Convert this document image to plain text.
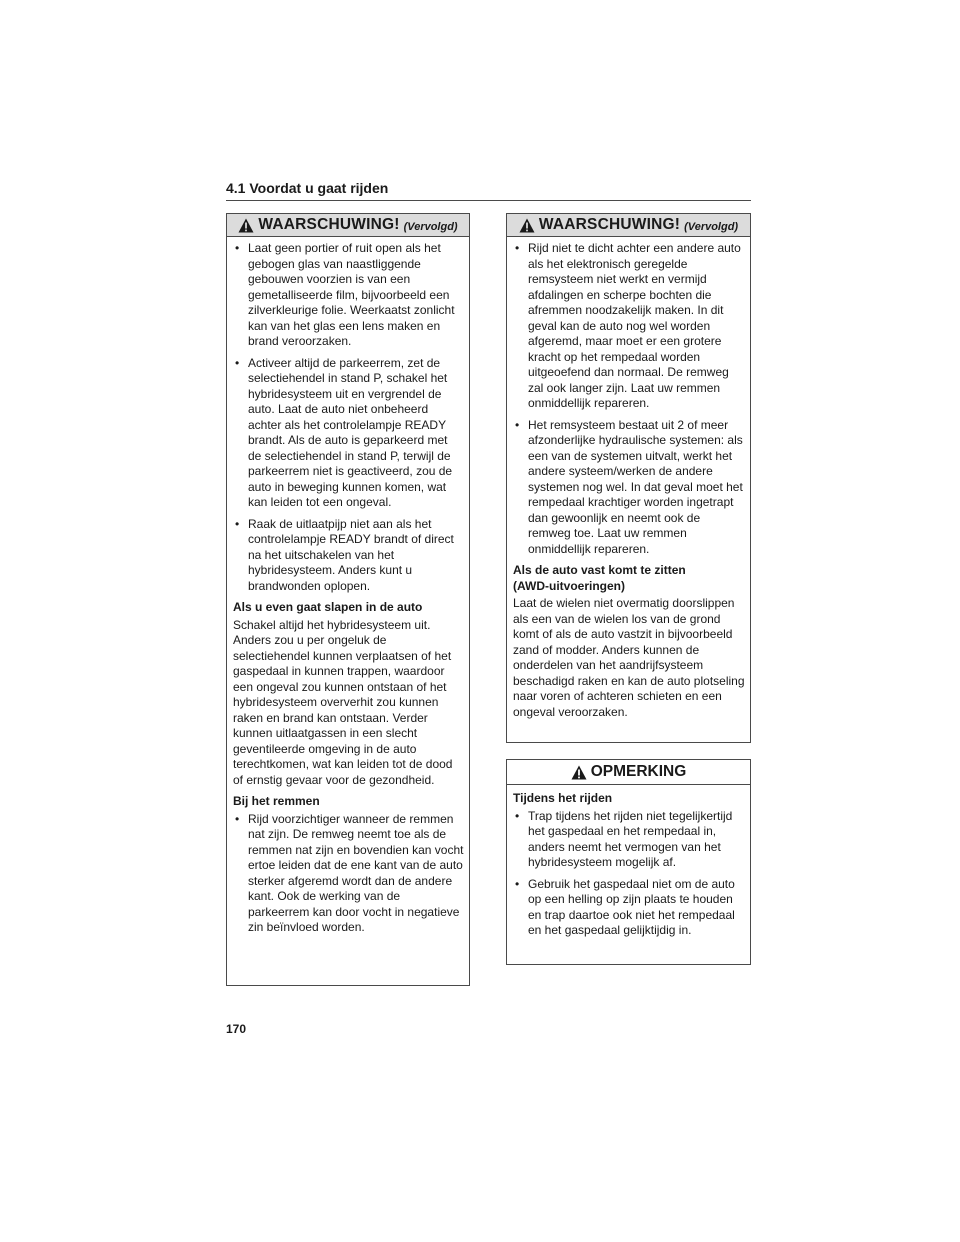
4.1 Voordat u gaat rijden
WAARSCHUWING! (Vervolgd)
• Laat geen portier of ruit open als het gebogen glas van naastliggende gebouwen voorzien is van een gemetalliseerde film, bijvoorbeeld een zilverkleurige folie. Weerkaatst zonlicht kan van het glas een lens maken en brand veroorzaken.
• Activeer altijd de parkeerrem, zet de selectiehendel in stand P, schakel het hybridesysteem uit en vergrendel de auto. Laat de auto niet onbeheerd achter als het controlelampje READY brandt. Als de auto is geparkeerd met de selectiehendel in stand P, terwijl de parkeerrem niet is geactiveerd, zou de auto in beweging kunnen komen, wat kan leiden tot een ongeval.
• Raak de uitlaatpijp niet aan als het controlelampje READY brandt of direct na het uitschakelen van het hybridesysteem. Anders kunt u brandwonden oplopen.
Als u even gaat slapen in de auto
Schakel altijd het hybridesysteem uit. Anders zou u per ongeluk de selectiehendel kunnen verplaatsen of het gaspedaal in kunnen trappen, waardoor een ongeval zou kunnen ontstaan of het hybridesysteem oververhit zou kunnen raken en brand kan ontstaan. Verder kunnen uitlaatgassen in een slecht geventileerde omgeving in de auto terechtkomen, wat kan leiden tot de dood of ernstig gevaar voor de gezondheid.
Bij het remmen
• Rijd voorzichtiger wanneer de remmen nat zijn. De remweg neemt toe als de remmen nat zijn en bovendien kan vocht ertoe leiden dat de ene kant van de auto sterker afgeremd wordt dan de andere kant. Ook de werking van de parkeerrem kan door vocht in negatieve zin beïnvloed worden.
WAARSCHUWING! (Vervolgd)
• Rijd niet te dicht achter een andere auto als het elektronisch geregelde remsysteem niet werkt en vermijd afdalingen en scherpe bochten die afremmen noodzakelijk maken. In dit geval kan de auto nog wel worden afgeremd, maar moet er een grotere kracht op het rempedaal worden uitgeoefend dan normaal. De remweg zal ook langer zijn. Laat uw remmen onmiddellijk repareren.
• Het remsysteem bestaat uit 2 of meer afzonderlijke hydraulische systemen: als een van de systemen uitvalt, werkt het andere systeem/werken de andere systemen nog wel. In dat geval moet het rempedaal krachtiger worden ingetrapt dan gewoonlijk en neemt ook de remweg toe. Laat uw remmen onmiddellijk repareren.
Als de auto vast komt te zitten
(AWD-uitvoeringen)
Laat de wielen niet overmatig doorslippen als een van de wielen los van de grond komt of als de auto vastzit in bijvoorbeeld zand of modder. Anders kunnen de onderdelen van het aandrijfsysteem beschadigd raken en kan de auto plotseling naar voren of achteren schieten en een ongeval veroorzaken.
OPMERKING
Tijdens het rijden
• Trap tijdens het rijden niet tegelijkertijd het gaspedaal en het rempedaal in, anders neemt het vermogen van het hybridesysteem mogelijk af.
• Gebruik het gaspedaal niet om de auto op een helling op zijn plaats te houden en trap daartoe ook niet het rempedaal en het gaspedaal gelijktijdig in.
170
